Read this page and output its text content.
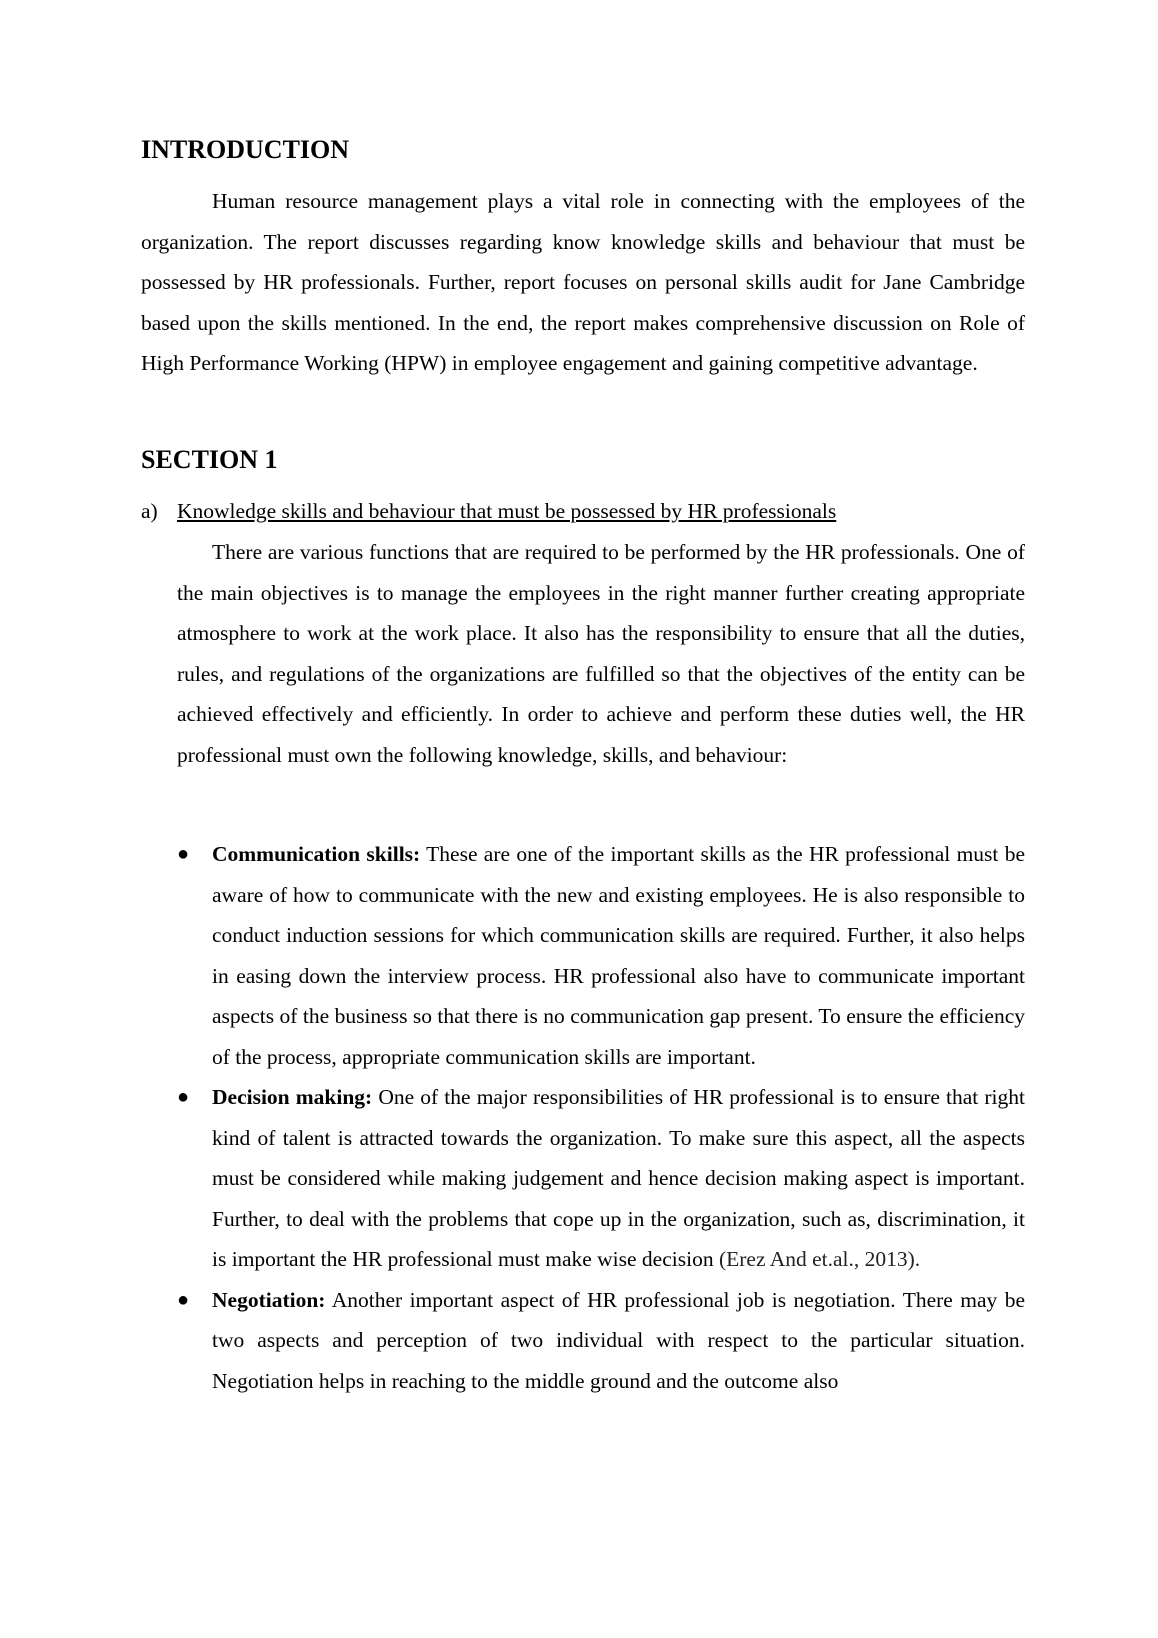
INTRODUCTION

Human resource management plays a vital role in connecting with the employees of the organization. The report discusses regarding know knowledge skills and behaviour that must be possessed by HR professionals. Further, report focuses on personal skills audit for Jane Cambridge based upon the skills mentioned. In the end, the report makes comprehensive discussion on Role of High Performance Working (HPW) in employee engagement and gaining competitive advantage.

SECTION 1
a) Knowledge skills and behaviour that must be possessed by HR professionals

There are various functions that are required to be performed by the HR professionals. One of the main objectives is to manage the employees in the right manner further creating appropriate atmosphere to work at the work place. It also has the responsibility to ensure that all the duties, rules, and regulations of the organizations are fulfilled so that the objectives of the entity can be achieved effectively and efficiently. In order to achieve and perform these duties well, the HR professional must own the following knowledge, skills, and behaviour:

●	Communication skills: These are one of the important skills as the HR professional must be aware of how to communicate with the new and existing employees. He is also responsible to conduct induction sessions for which communication skills are required. Further, it also helps in easing down the interview process. HR professional also have to communicate important aspects of the business so that there is no communication gap present. To ensure the efficiency of the process, appropriate communication skills are important.
●	Decision making: One of the major responsibilities of HR professional is to ensure that right kind of talent is attracted towards the organization. To make sure this aspect, all the aspects must be considered while making judgement and hence decision making aspect is important. Further, to deal with the problems that cope up in the organization, such as, discrimination, it is important the HR professional must make wise decision (Erez And et.al., 2013).
●	Negotiation: Another important aspect of HR professional job is negotiation. There may be two aspects and perception of two individual with respect to the particular situation. Negotiation helps in reaching to the middle ground and the outcome also
